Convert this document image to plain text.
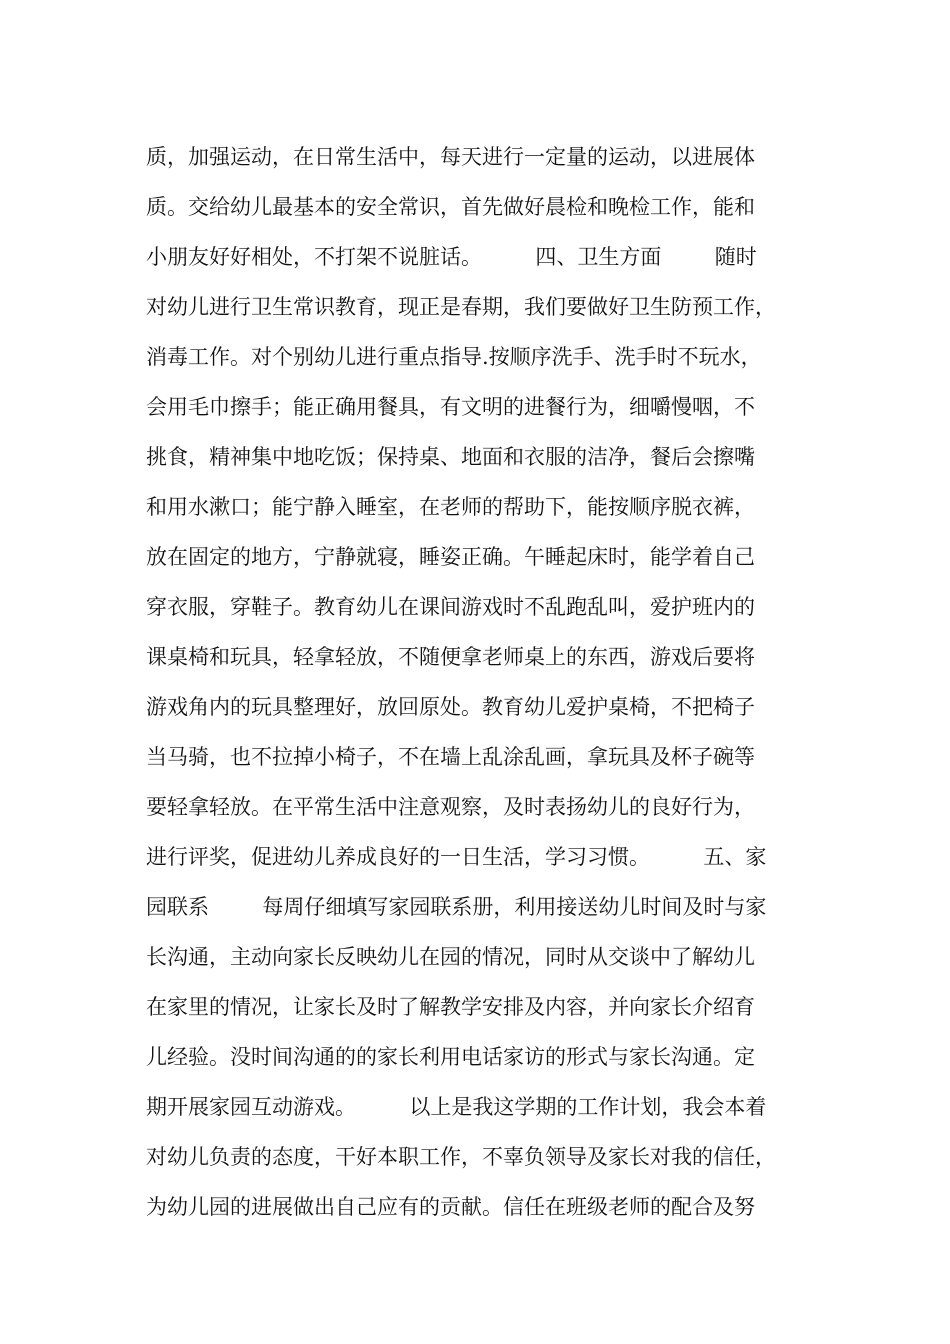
质，加强运动，在日常生活中，每天进行一定量的运动，以进展体
质。交给幼儿最基本的安全常识，首先做好晨检和晚检工作，能和
小朋友好好相处，不打架不说脏话。        四、卫生方面        随时
对幼儿进行卫生常识教育，现正是春期，我们要做好卫生防预工作，
消毒工作。对个别幼儿进行重点指导.按顺序洗手、洗手时不玩水，
会用毛巾擦手；能正确用餐具，有文明的进餐行为，细嚼慢咽，不
挑食，精神集中地吃饭；保持桌、地面和衣服的洁净，餐后会擦嘴
和用水漱口；能宁静入睡室，在老师的帮助下，能按顺序脱衣裤，
放在固定的地方，宁静就寝，睡姿正确。午睡起床时，能学着自己
穿衣服，穿鞋子。教育幼儿在课间游戏时不乱跑乱叫，爱护班内的
课桌椅和玩具，轻拿轻放，不随便拿老师桌上的东西，游戏后要将
游戏角内的玩具整理好，放回原处。教育幼儿爱护桌椅，不把椅子
当马骑，也不拉掉小椅子，不在墙上乱涂乱画，拿玩具及杯子碗等
要轻拿轻放。在平常生活中注意观察，及时表扬幼儿的良好行为，
进行评奖，促进幼儿养成良好的一日生活，学习习惯。        五、家
园联系        每周仔细填写家园联系册，利用接送幼儿时间及时与家
长沟通，主动向家长反映幼儿在园的情况，同时从交谈中了解幼儿
在家里的情况，让家长及时了解教学安排及内容，并向家长介绍育
儿经验。没时间沟通的的家长利用电话家访的形式与家长沟通。定
期开展家园互动游戏。        以上是我这学期的工作计划，我会本着
对幼儿负责的态度，干好本职工作，不辜负领导及家长对我的信任，
为幼儿园的进展做出自己应有的贡献。信任在班级老师的配合及努
